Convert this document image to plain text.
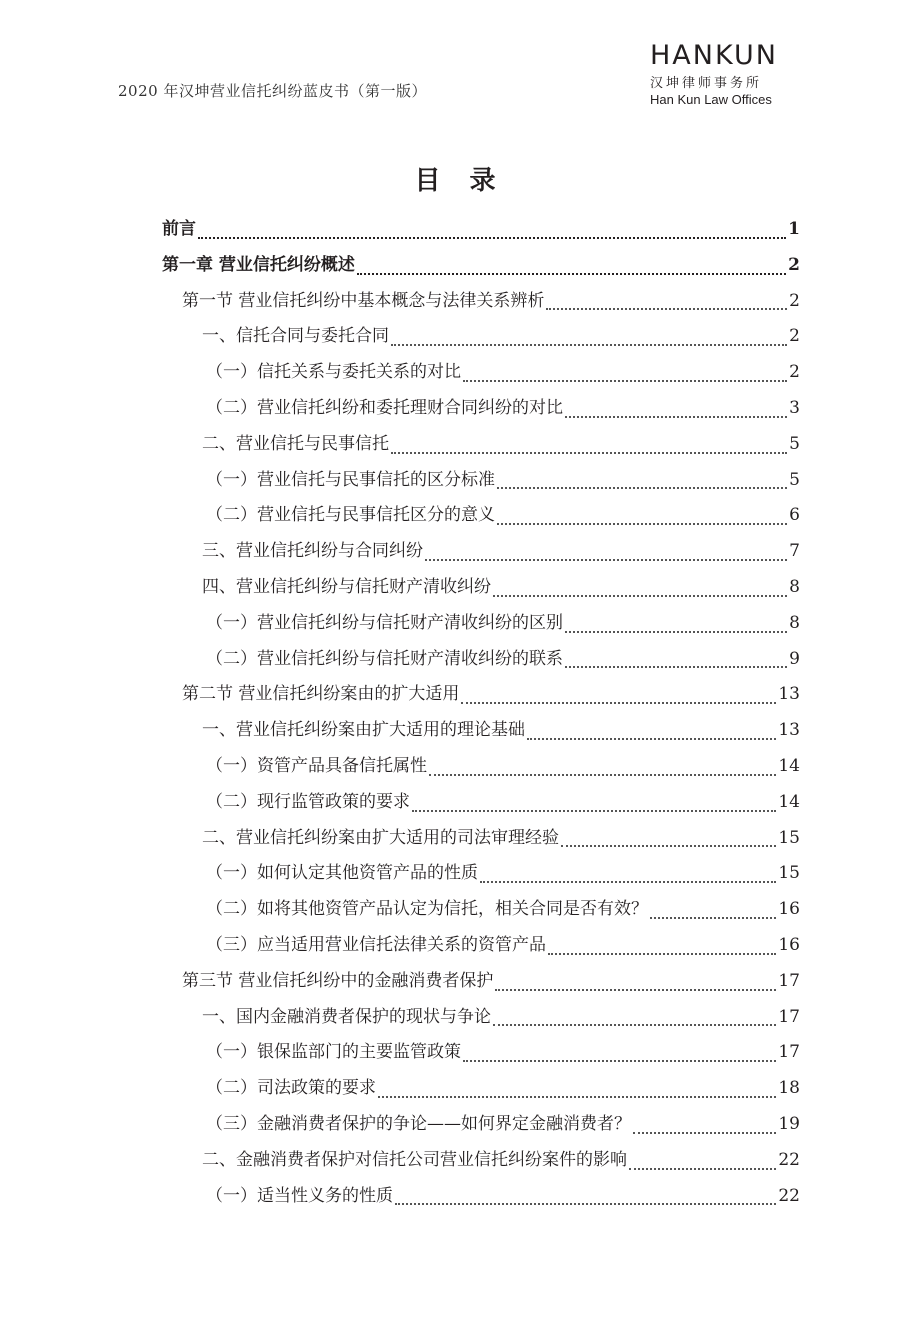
2020 年汉坤营业信托纠纷蓝皮书（第一版）
HANKUN
汉坤律师事务所
Han Kun Law Offices
目 录
前言	1
第一章 营业信托纠纷概述	2
第一节 营业信托纠纷中基本概念与法律关系辨析	2
一、信托合同与委托合同	2
（一）信托关系与委托关系的对比	2
（二）营业信托纠纷和委托理财合同纠纷的对比	3
二、营业信托与民事信托	5
（一）营业信托与民事信托的区分标准	5
（二）营业信托与民事信托区分的意义	6
三、营业信托纠纷与合同纠纷	7
四、营业信托纠纷与信托财产清收纠纷	8
（一）营业信托纠纷与信托财产清收纠纷的区别	8
（二）营业信托纠纷与信托财产清收纠纷的联系	9
第二节 营业信托纠纷案由的扩大适用	13
一、营业信托纠纷案由扩大适用的理论基础	13
（一）资管产品具备信托属性	14
（二）现行监管政策的要求	14
二、营业信托纠纷案由扩大适用的司法审理经验	15
（一）如何认定其他资管产品的性质	15
（二）如将其他资管产品认定为信托，相关合同是否有效？	16
（三）应当适用营业信托法律关系的资管产品	16
第三节 营业信托纠纷中的金融消费者保护	17
一、国内金融消费者保护的现状与争论	17
（一）银保监部门的主要监管政策	17
（二）司法政策的要求	18
（三）金融消费者保护的争论——如何界定金融消费者？	19
二、金融消费者保护对信托公司营业信托纠纷案件的影响	22
（一）适当性义务的性质	22
